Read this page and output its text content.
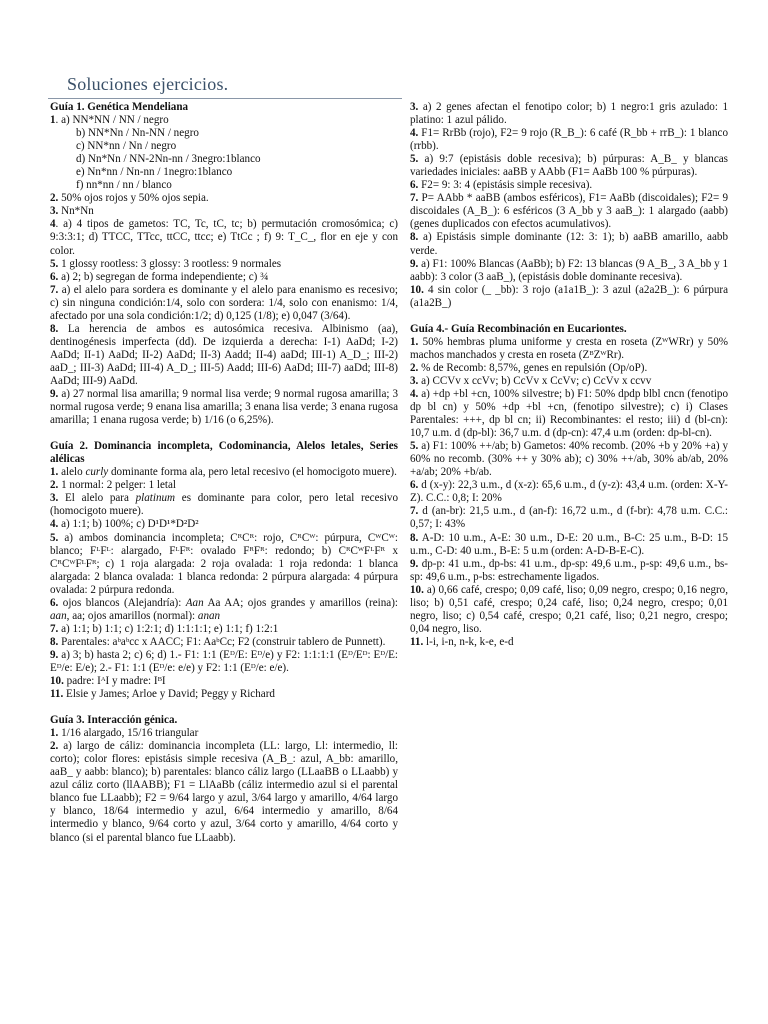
Soluciones ejercicios.

Guía 1. Genética Mendeliana

1. a) NN*NN / NN / negro

b) NN*Nn / Nn-NN / negro

c) NN*nn / Nn / negro

d) Nn*Nn / NN-2Nn-nn / 3negro:1blanco

e) Nn*nn / Nn-nn / 1negro:1blanco

f) nn*nn / nn / blanco

2. 50% ojos rojos y 50% ojos sepia.

3. Nn*Nn

4. a) 4 tipos de gametos: TC, Tc, tC, tc; b) permutación cromosómica; c) 9:3:3:1; d) TTCC, TTcc, ttCC, ttcc; e) TtCc ; f) 9: T_C_, flor en eje y con color.

5. 1 glossy rootless: 3 glossy: 3 rootless: 9 normales

6. a) 2; b) segregan de forma independiente; c) ¾

7. a) el alelo para sordera es dominante y el alelo para enanismo es recesivo; c) sin ninguna condición:1/4, solo con sordera: 1/4, solo con enanismo: 1/4, afectado por una sola condición:1/2; d) 0,125 (1/8); e) 0,047 (3/64).

8. La herencia de ambos es autosómica recesiva. Albinismo (aa), dentinogénesis imperfecta (dd). De izquierda a derecha: I-1) AaDd; I-2) AaDd; II-1) AaDd; II-2) AaDd; II-3) Aadd; II-4) aaDd; III-1) A_D_; III-2) aaD_; III-3) AaDd; III-4) A_D_; III-5) Aadd; III-6) AaDd; III-7) aaDd; III-8) AaDd; III-9) AaDd.

9. a) 27 normal lisa amarilla; 9 normal lisa verde; 9 normal rugosa amarilla; 3 normal rugosa verde; 9 enana lisa amarilla; 3 enana lisa verde; 3 enana rugosa amarilla; 1 enana rugosa verde; b) 1/16 (o 6,25%).

Guía 2. Dominancia incompleta, Codominancia, Alelos letales, Series alélicas

1. alelo curly dominante forma ala, pero letal recesivo (el homocigoto muere).

2. 1 normal: 2 pelger: 1 letal

3. El alelo para platinum es dominante para color, pero letal recesivo (homocigoto muere).

4. a) 1:1; b) 100%; c) D¹D¹*D²D²

5. a) ambos dominancia incompleta; CᴿCᴿ: rojo, CᴿCᵂ: púrpura, CᵂCᵂ: blanco; FᴸFᴸ: alargado, FᴸFᴿ: ovalado FᴿFᴿ: redondo; b) CᴿCᵂFᴸFᴿ x CᴿCᵂFᴸFᴿ; c) 1 roja alargada: 2 roja ovalada: 1 roja redonda: 1 blanca alargada: 2 blanca ovalada: 1 blanca redonda: 2 púrpura alargada: 4 púrpura ovalada: 2 púrpura redonda.

6. ojos blancos (Alejandría): Aan Aa AA; ojos grandes y amarillos (reina): aan, aa; ojos amarillos (normal): anan

7. a) 1:1; b) 1:1; c) 1:2:1; d) 1:1:1:1; e) 1:1; f) 1:2:1

8. Parentales: aᵇaᵇcc x AACC; F1: AaᵇCc; F2 (construir tablero de Punnett).

9. a) 3; b) hasta 2; c) 6; d) 1.- F1: 1:1 (Eᴰ/E: Eᴰ/e) y F2: 1:1:1:1 (Eᴰ/Eᴰ: Eᴰ/E: Eᴰ/e: E/e); 2.- F1: 1:1 (Eᴰ/e: e/e) y F2: 1:1 (Eᴰ/e: e/e).

10. padre: IᴬI y madre: IᴮI

11. Elsie y James; Arloe y David; Peggy y Richard

Guía 3. Interacción génica.

1. 1/16 alargado, 15/16 triangular

2. a) largo de cáliz: dominancia incompleta (LL: largo, Ll: intermedio, ll: corto); color flores: epistásis simple recesiva (A_B_: azul, A_bb: amarillo, aaB_ y aabb: blanco); b) parentales: blanco cáliz largo (LLaaBB o LLaabb) y azul cáliz corto (llAABB); F1 = LlAaBb (cáliz intermedio azul si el parental blanco fue LLaabb); F2 = 9/64 largo y azul, 3/64 largo y amarillo, 4/64 largo y blanco, 18/64 intermedio y azul, 6/64 intermedio y amarillo, 8/64 intermedio y blanco, 9/64 corto y azul, 3/64 corto y amarillo, 4/64 corto y blanco (si el parental blanco fue LLaabb).

3. a) 2 genes afectan el fenotipo color; b) 1 negro:1 gris azulado: 1 platino: 1 azul pálido.

4. F1= RrBb (rojo), F2= 9 rojo (R_B_): 6 café (R_bb + rrB_): 1 blanco (rrbb).

5. a) 9:7 (epistásis doble recesiva); b) púrpuras: A_B_ y blancas variedades iniciales: aaBB y AAbb (F1= AaBb 100 % púrpuras).

6. F2= 9: 3: 4 (epistásis simple recesiva).

7. P= AAbb * aaBB (ambos esféricos), F1= AaBb (discoidales); F2= 9 discoidales (A_B_): 6 esféricos (3 A_bb y 3 aaB_): 1 alargado (aabb) (genes duplicados con efectos acumulativos).

8. a) Epistásis simple dominante (12: 3: 1); b) aaBB amarillo, aabb verde.

9. a) F1: 100% Blancas (AaBb); b) F2: 13 blancas (9 A_B_, 3 A_bb y 1 aabb): 3 color (3 aaB_), (epistásis doble dominante recesiva).

10. 4 sin color (_ _bb): 3 rojo (a1a1B_): 3 azul (a2a2B_): 6 púrpura (a1a2B_)

Guía 4.- Guía Recombinación en Eucariontes.

1. 50% hembras pluma uniforme y cresta en roseta (ZᵂWRr) y 50% machos manchados y cresta en roseta (ZᴮZᵂRr).

2. % de Recomb: 8,57%, genes en repulsión (Op/oP).

3. a) CCVv x ccVv; b) CcVv x CcVv; c) CcVv x ccvv

4. a) +dp +bl +cn, 100% silvestre; b) F1: 50% dpdp blbl cncn (fenotipo dp bl cn) y 50% +dp +bl +cn, (fenotipo silvestre); c) i) Clases Parentales: +++, dp bl cn; ii) Recombinantes: el resto; iii) d (bl-cn): 10,7 u.m. d (dp-bl): 36,7 u.m. d (dp-cn): 47,4 u.m (orden: dp-bl-cn).

5. a) F1: 100% ++/ab; b) Gametos: 40% recomb. (20% +b y 20% +a) y 60% no recomb. (30% ++ y 30% ab); c) 30% ++/ab, 30% ab/ab, 20% +a/ab; 20% +b/ab.

6. d (x-y): 22,3 u.m., d (x-z): 65,6 u.m., d (y-z): 43,4 u.m. (orden: X-Y-Z). C.C.: 0,8; I: 20%

7. d (an-br): 21,5 u.m., d (an-f): 16,72 u.m., d (f-br): 4,78 u.m. C.C.: 0,57; I: 43%

8. A-D: 10 u.m., A-E: 30 u.m., D-E: 20 u.m., B-C: 25 u.m., B-D: 15 u.m., C-D: 40 u.m., B-E: 5 u.m (orden: A-D-B-E-C).

9. dp-p: 41 u.m., dp-bs: 41 u.m., dp-sp: 49,6 u.m., p-sp: 49,6 u.m., bs-sp: 49,6 u.m., p-bs: estrechamente ligados.

10. a) 0,66 café, crespo; 0,09 café, liso; 0,09 negro, crespo; 0,16 negro, liso; b) 0,51 café, crespo; 0,24 café, liso; 0,24 negro, crespo; 0,01 negro, liso; c) 0,54 café, crespo; 0,21 café, liso; 0,21 negro, crespo; 0,04 negro, liso.

11. l-i, i-n, n-k, k-e, e-d
